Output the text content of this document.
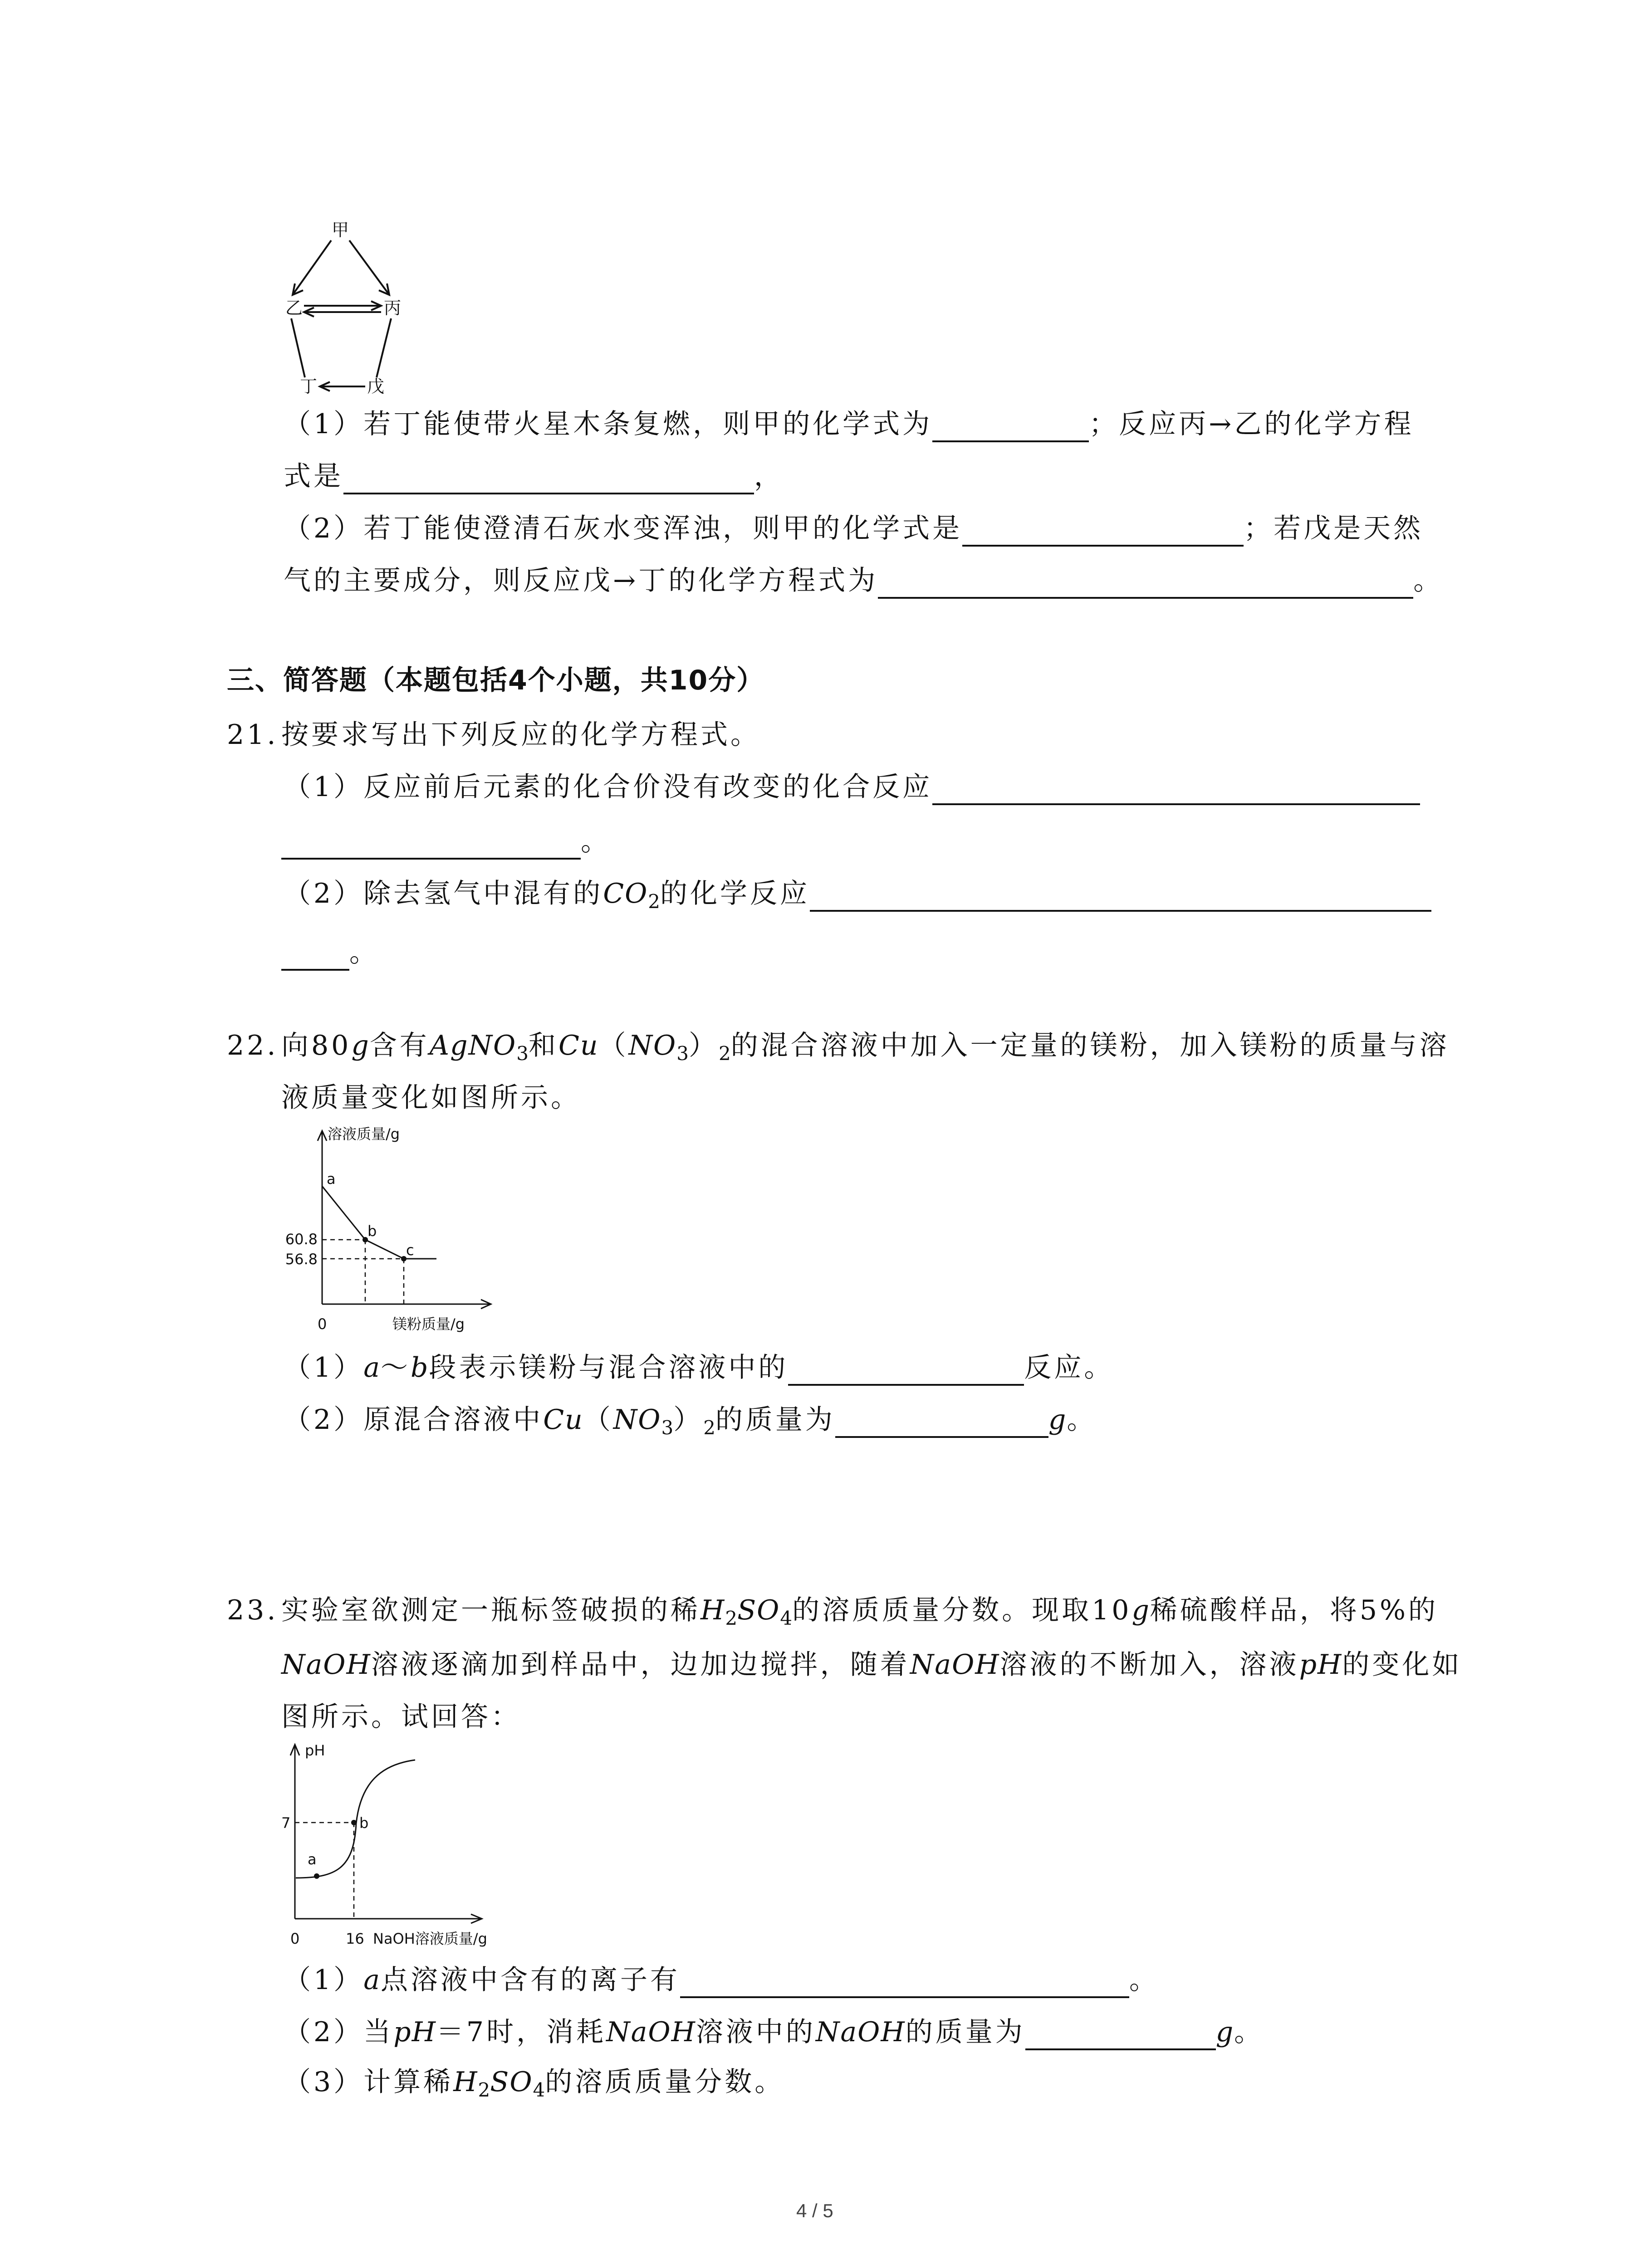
甲
乙	丙
丁	戊
（1）若丁能使带火星木条复燃，则甲的化学式为	；反应丙→乙的化学方程
式是	，
（2）若丁能使澄清石灰水变浑浊，则甲的化学式是	；若戊是天然
气的主要成分，则反应戊→丁的化学方程式为	。
三、简答题（本题包括4个小题，共10分）
21. 按要求写出下列反应的化学方程式。
（1）反应前后元素的化合价没有改变的化合反应
。
（2）除去氢气中混有的$CO_2$的化学反应
。
22. 向80g含有AgNO$_3$和$Cu(NO_3)_2$的混合溶液中加入一定量的镁粉，加入镁粉的质量与溶
液质量变化如图所示。
溶液质量/g
镁粉质量/g
0
60.8
56.8
a
b
c
（1）a～b段表示镁粉与混合溶液中的	反应。
（2）原混合溶液中$Cu(NO_3)_2$的质量为	g。
23. 实验室欲测定一瓶标签破损的稀$H_2SO_4$的溶质质量分数。现取10g稀硫酸样品，将5%的
NaOH溶液逐滴加到样品中，边加边搅拌，随着NaOH溶液的不断加入，溶液pH的变化如
图所示。试回答：
pH
7
a
b
0	16 NaOH溶液质量/g
（1）a点溶液中含有的离子有	。
（2）当pH＝7时，消耗NaOH溶液中的NaOH的质量为	g。
（3）计算稀$H_2SO_4$的溶质质量分数。
4 / 5
